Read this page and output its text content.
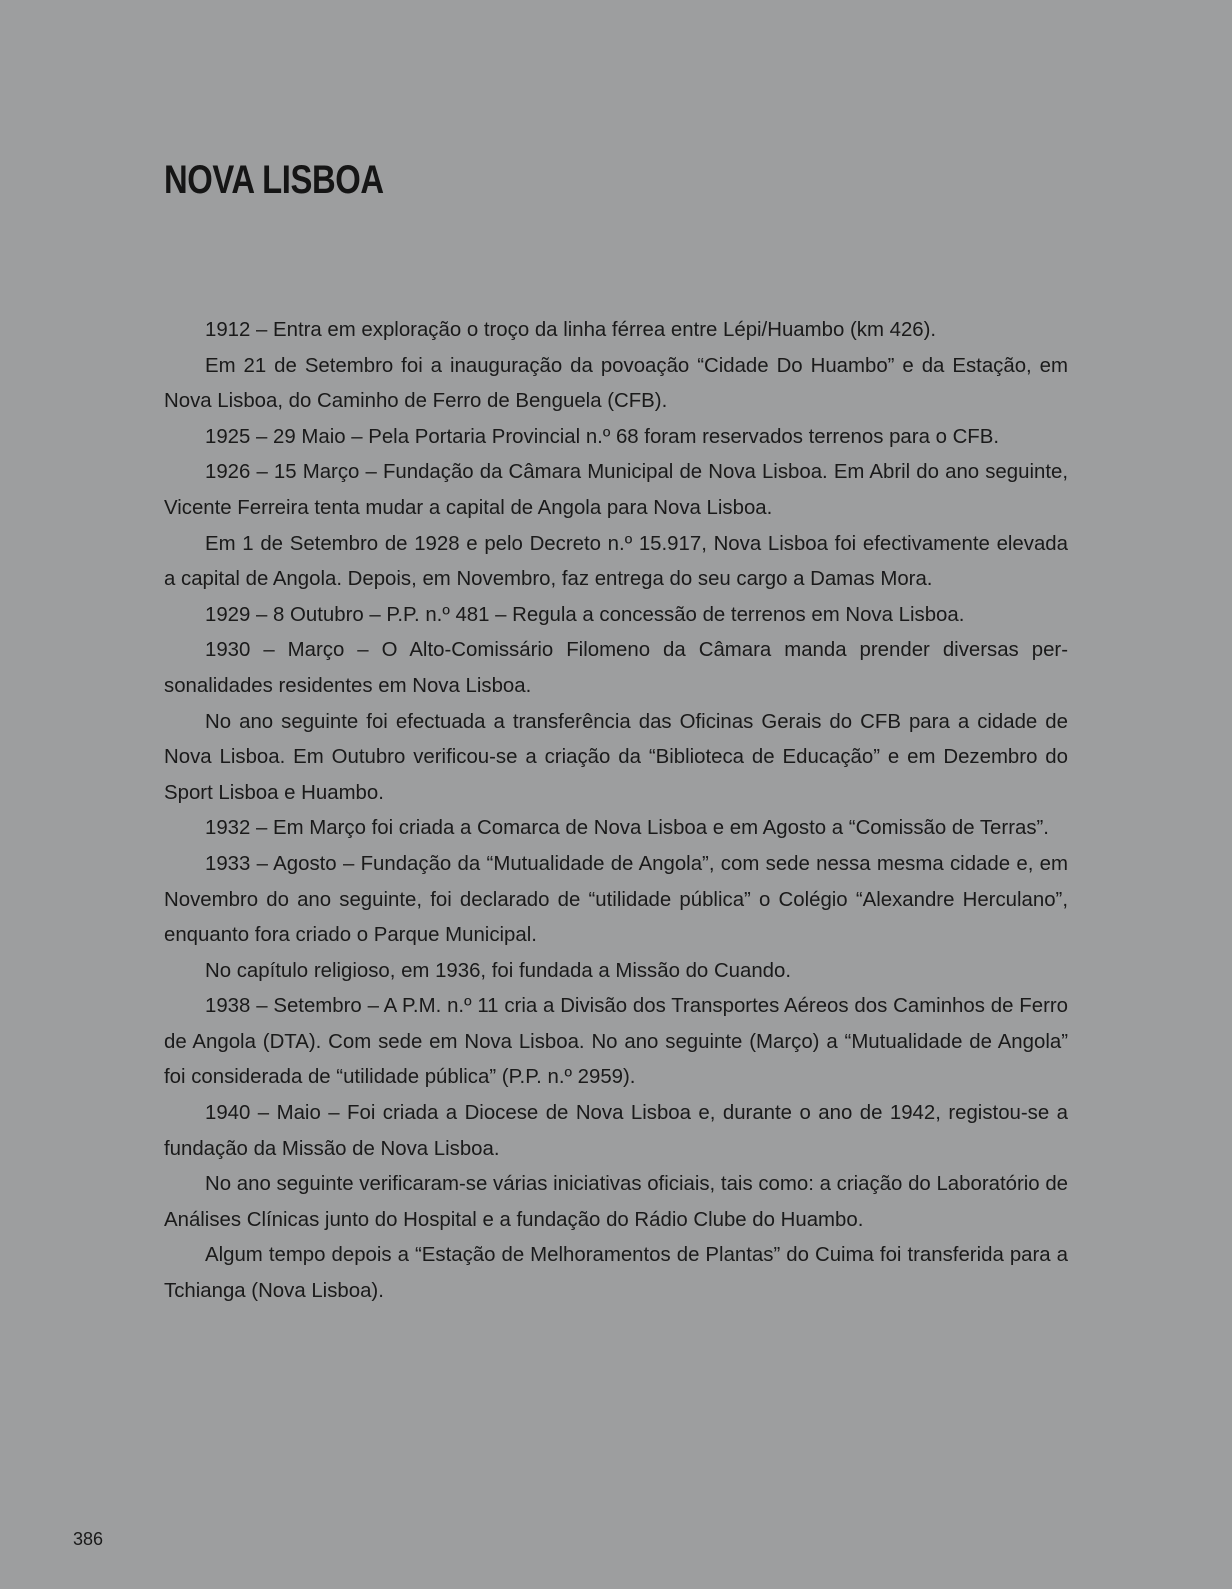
NOVA LISBOA

1912 – Entra em exploração o troço da linha férrea entre Lépi/Huambo (km 426).

Em 21 de Setembro foi a inauguração da povoação “Cidade Do Huambo” e da Estação, em Nova Lisboa, do Caminho de Ferro de Benguela (CFB).

1925 – 29 Maio – Pela Portaria Provincial n.º 68 foram reservados terrenos para o CFB.

1926 – 15 Março – Fundação da Câmara Municipal de Nova Lisboa. Em Abril do ano seguinte, Vicente Ferreira tenta mudar a capital de Angola para Nova Lisboa.

Em 1 de Setembro de 1928 e pelo Decreto n.º 15.917, Nova Lisboa foi efectivamente elevada a capital de Angola. Depois, em Novembro, faz entrega do seu cargo a Damas Mora.

1929 – 8 Outubro – P.P. n.º 481 – Regula a concessão de terrenos em Nova Lisboa.

1930 – Março – O Alto-Comissário Filomeno da Câmara manda prender diversas personalidades residentes em Nova Lisboa.

No ano seguinte foi efectuada a transferência das Oficinas Gerais do CFB para a cidade de Nova Lisboa. Em Outubro verificou-se a criação da “Biblioteca de Educação” e em Dezembro do Sport Lisboa e Huambo.

1932 – Em Março foi criada a Comarca de Nova Lisboa e em Agosto a “Comissão de Terras”.

1933 – Agosto – Fundação da “Mutualidade de Angola”, com sede nessa mesma cidade e, em Novembro do ano seguinte, foi declarado de “utilidade pública” o Colégio “Alexandre Herculano”, enquanto fora criado o Parque Municipal.

No capítulo religioso, em 1936, foi fundada a Missão do Cuando.

1938 – Setembro – A P.M. n.º 11 cria a Divisão dos Transportes Aéreos dos Caminhos de Ferro de Angola (DTA). Com sede em Nova Lisboa. No ano seguinte (Março) a “Mutualidade de Angola” foi considerada de “utilidade pública” (P.P. n.º 2959).

1940 – Maio – Foi criada a Diocese de Nova Lisboa e, durante o ano de 1942, registou-se a fundação da Missão de Nova Lisboa.

No ano seguinte verificaram-se várias iniciativas oficiais, tais como: a criação do Laboratório de Análises Clínicas junto do Hospital e a fundação do Rádio Clube do Huambo.

Algum tempo depois a “Estação de Melhoramentos de Plantas” do Cuima foi transferida para a Tchianga (Nova Lisboa).

386
